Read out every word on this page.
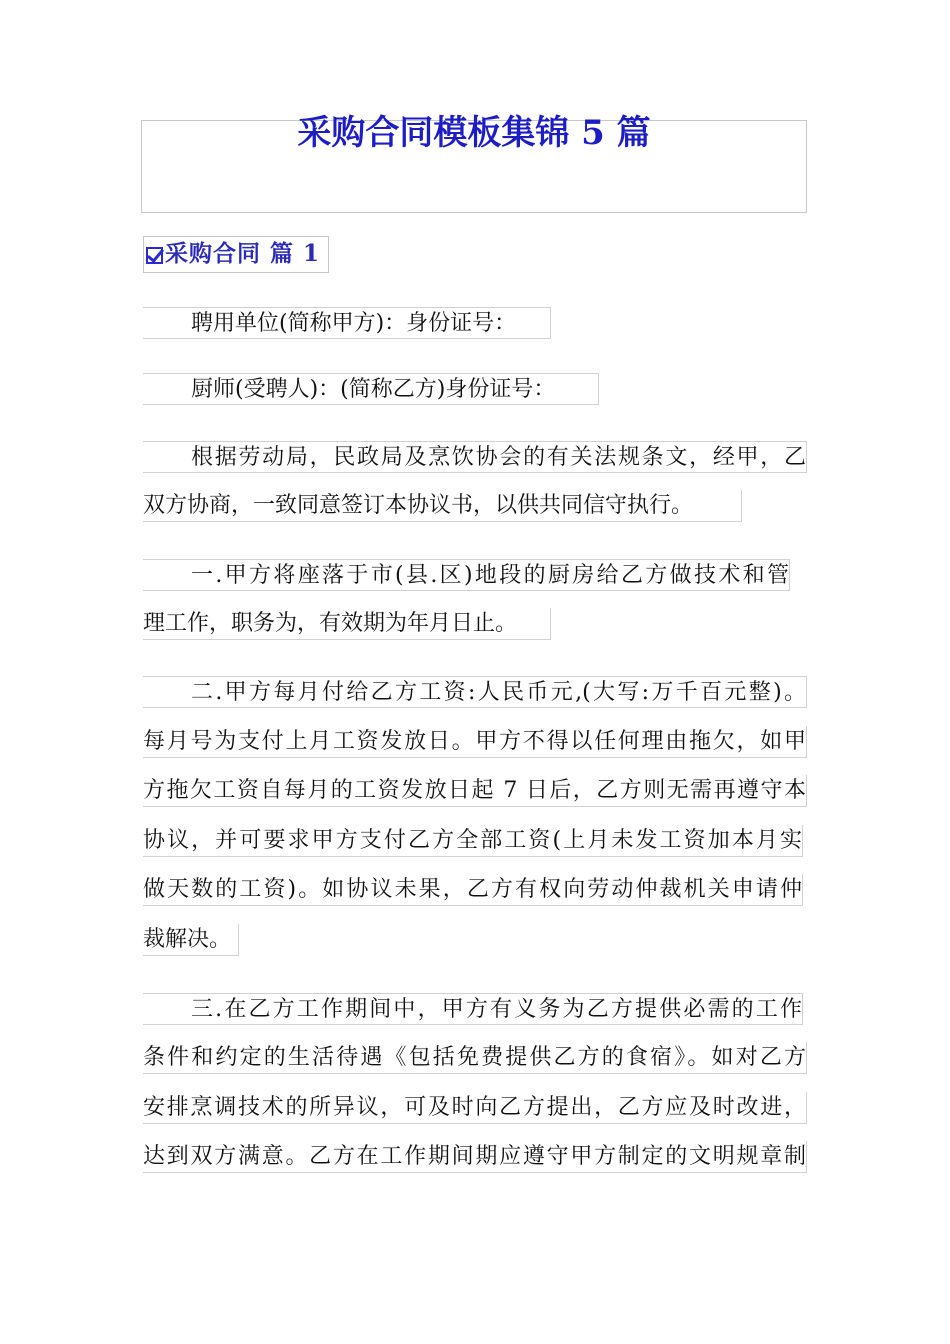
采购合同模板集锦 5 篇
采购合同 篇 1
聘用单位(简称甲方)：身份证号：
厨师(受聘人)：(简称乙方)身份证号：
根据劳动局，民政局及烹饮协会的有关法规条文，经甲，乙
双方协商，一致同意签订本协议书，以供共同信守执行。
一.甲方将座落于市(县.区)地段的厨房给乙方做技术和管
理工作，职务为，有效期为年月日止。
二.甲方每月付给乙方工资:人民币元,(大写:万千百元整)。
每月号为支付上月工资发放日。甲方不得以任何理由拖欠，如甲
方拖欠工资自每月的工资发放日起 7 日后，乙方则无需再遵守本
协议，并可要求甲方支付乙方全部工资(上月未发工资加本月实
做天数的工资)。如协议未果，乙方有权向劳动仲裁机关申请仲
裁解决。
三.在乙方工作期间中，甲方有义务为乙方提供必需的工作
条件和约定的生活待遇《包括免费提供乙方的食宿》。如对乙方
安排烹调技术的所异议，可及时向乙方提出，乙方应及时改进，
达到双方满意。乙方在工作期间期应遵守甲方制定的文明规章制
